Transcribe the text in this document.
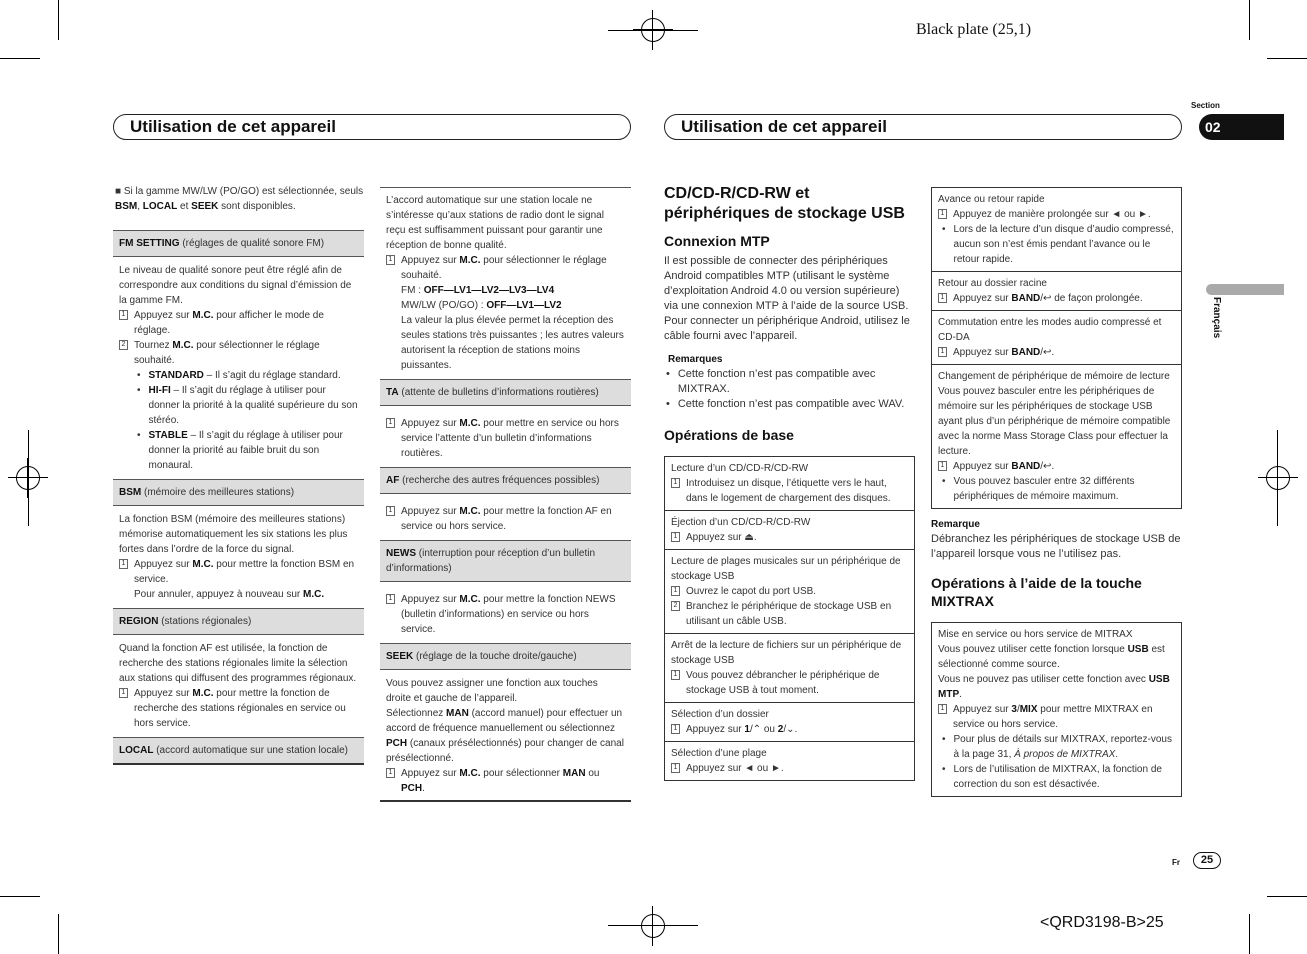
Black plate (25,1)
<QRD3198-B>25
Section
02
Français
Fr	25
Utilisation de cet appareil	Utilisation de cet appareil
■ Si la gamme MW/LW (PO/GO) est sélectionnée, seuls BSM, LOCAL et SEEK sont disponibles.
FM SETTING (réglages de qualité sonore FM)
Le niveau de qualité sonore peut être réglé afin de correspondre aux conditions du signal d’émission de la gamme FM.
1 Appuyez sur M.C. pour afficher le mode de réglage.
2 Tournez M.C. pour sélectionner le réglage souhaité.
• STANDARD – Il s’agit du réglage standard.
• HI-FI – Il s’agit du réglage à utiliser pour donner la priorité à la qualité supérieure du son stéréo.
• STABLE – Il s’agit du réglage à utiliser pour donner la priorité au faible bruit du son monaural.
BSM (mémoire des meilleures stations)
La fonction BSM (mémoire des meilleures stations) mémorise automatiquement les six stations les plus fortes dans l’ordre de la force du signal.
1 Appuyez sur M.C. pour mettre la fonction BSM en service.
Pour annuler, appuyez à nouveau sur M.C.
REGION (stations régionales)
Quand la fonction AF est utilisée, la fonction de recherche des stations régionales limite la sélection aux stations qui diffusent des programmes régionaux.
1 Appuyez sur M.C. pour mettre la fonction de recherche des stations régionales en service ou hors service.
LOCAL (accord automatique sur une station locale)
L’accord automatique sur une station locale ne s’intéresse qu’aux stations de radio dont le signal reçu est suffisamment puissant pour garantir une réception de bonne qualité.
1 Appuyez sur M.C. pour sélectionner le réglage souhaité.
FM : OFF—LV1—LV2—LV3—LV4
MW/LW (PO/GO) : OFF—LV1—LV2
La valeur la plus élevée permet la réception des seules stations très puissantes ; les autres valeurs autorisent la réception de stations moins puissantes.
TA (attente de bulletins d’informations routières)
1 Appuyez sur M.C. pour mettre en service ou hors service l’attente d’un bulletin d’informations routières.
AF (recherche des autres fréquences possibles)
1 Appuyez sur M.C. pour mettre la fonction AF en service ou hors service.
NEWS (interruption pour réception d’un bulletin d’informations)
1 Appuyez sur M.C. pour mettre la fonction NEWS (bulletin d’informations) en service ou hors service.
SEEK (réglage de la touche droite/gauche)
Vous pouvez assigner une fonction aux touches droite et gauche de l’appareil.
Sélectionnez MAN (accord manuel) pour effectuer un accord de fréquence manuellement ou sélectionnez PCH (canaux présélectionnés) pour changer de canal présélectionné.
1 Appuyez sur M.C. pour sélectionner MAN ou PCH.
CD/CD-R/CD-RW et périphériques de stockage USB
Connexion MTP
Il est possible de connecter des périphériques Android compatibles MTP (utilisant le système d’exploitation Android 4.0 ou version supérieure) via une connexion MTP à l’aide de la source USB. Pour connecter un périphérique Android, utilisez le câble fourni avec l’appareil.
Remarques
• Cette fonction n’est pas compatible avec MIXTRAX.
• Cette fonction n’est pas compatible avec WAV.
Opérations de base
Lecture d’un CD/CD-R/CD-RW
1 Introduisez un disque, l’étiquette vers le haut, dans le logement de chargement des disques.
Éjection d’un CD/CD-R/CD-RW
1 Appuyez sur ⏏.
Lecture de plages musicales sur un périphérique de stockage USB
1 Ouvrez le capot du port USB.
2 Branchez le périphérique de stockage USB en utilisant un câble USB.
Arrêt de la lecture de fichiers sur un périphérique de stockage USB
1 Vous pouvez débrancher le périphérique de stockage USB à tout moment.
Sélection d’un dossier
1 Appuyez sur 1/⌃ ou 2/⌄.
Sélection d’une plage
1 Appuyez sur ◄ ou ►.
Avance ou retour rapide
1 Appuyez de manière prolongée sur ◄ ou ►.
• Lors de la lecture d’un disque d’audio compressé, aucun son n’est émis pendant l’avance ou le retour rapide.
Retour au dossier racine
1 Appuyez sur BAND/↩ de façon prolongée.
Commutation entre les modes audio compressé et CD-DA
1 Appuyez sur BAND/↩.
Changement de périphérique de mémoire de lecture
Vous pouvez basculer entre les périphériques de mémoire sur les périphériques de stockage USB ayant plus d’un périphérique de mémoire compatible avec la norme Mass Storage Class pour effectuer la lecture.
1 Appuyez sur BAND/↩.
• Vous pouvez basculer entre 32 différents périphériques de mémoire maximum.
Remarque
Débranchez les périphériques de stockage USB de l’appareil lorsque vous ne l’utilisez pas.
Opérations à l’aide de la touche MIXTRAX
Mise en service ou hors service de MITRAX
Vous pouvez utiliser cette fonction lorsque USB est sélectionné comme source.
Vous ne pouvez pas utiliser cette fonction avec USB MTP.
1 Appuyez sur 3/MIX pour mettre MIXTRAX en service ou hors service.
• Pour plus de détails sur MIXTRAX, reportez-vous à la page 31, À propos de MIXTRAX.
• Lors de l’utilisation de MIXTRAX, la fonction de correction du son est désactivée.
